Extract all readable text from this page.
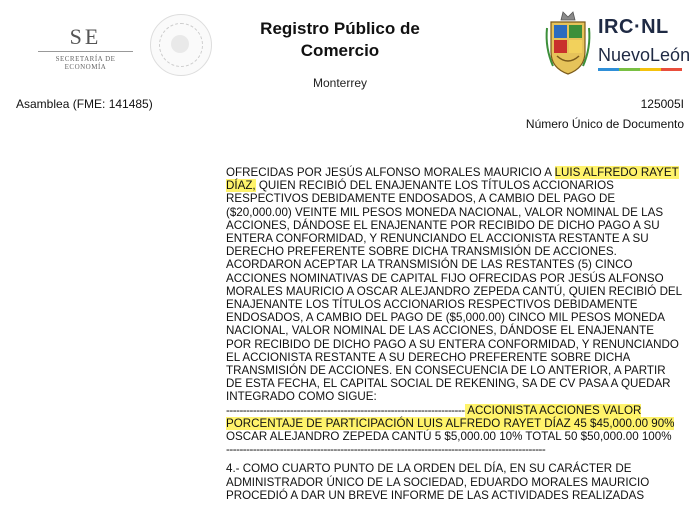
SE
SECRETARÍA DE ECONOMÍA
Registro Público de
Comercio
Monterrey
IRC·NL
NuevoLeón
Asamblea (FME: 141485)	125005I
Número Único de Documento

OFRECIDAS POR JESÚS ALFONSO MORALES MAURICIO A LUIS ALFREDO RAYET DÍAZ, QUIEN RECIBIÓ DEL ENAJENANTE LOS TÍTULOS ACCIONARIOS RESPECTIVOS DEBIDAMENTE ENDOSADOS, A CAMBIO DEL PAGO DE ($20,000.00) VEINTE MIL PESOS MONEDA NACIONAL, VALOR NOMINAL DE LAS ACCIONES, DÁNDOSE EL ENAJENANTE POR RECIBIDO DE DICHO PAGO A SU ENTERA CONFORMIDAD, Y RENUNCIANDO EL ACCIONISTA RESTANTE A SU DERECHO PREFERENTE SOBRE DICHA TRANSMISIÓN DE ACCIONES. ACORDARON ACEPTAR LA TRANSMISIÓN DE LAS RESTANTES (5) CINCO ACCIONES NOMINATIVAS DE CAPITAL FIJO OFRECIDAS POR JESÚS ALFONSO MORALES MAURICIO A OSCAR ALEJANDRO ZEPEDA CANTÚ, QUIEN RECIBIÓ DEL ENAJENANTE LOS TÍTULOS ACCIONARIOS RESPECTIVOS DEBIDAMENTE ENDOSADOS, A CAMBIO DEL PAGO DE ($5,000.00) CINCO MIL PESOS MONEDA NACIONAL, VALOR NOMINAL DE LAS ACCIONES, DÁNDOSE EL ENAJENANTE POR RECIBIDO DE DICHO PAGO A SU ENTERA CONFORMIDAD, Y RENUNCIANDO EL ACCIONISTA RESTANTE A SU DERECHO PREFERENTE SOBRE DICHA TRANSMISIÓN DE ACCIONES. EN CONSECUENCIA DE LO ANTERIOR, A PARTIR DE ESTA FECHA, EL CAPITAL SOCIAL DE REKENING, SA DE CV PASA A QUEDAR INTEGRADO COMO SIGUE:

----------------------------------------------------------------------- ACCIONISTA ACCIONES VALOR PORCENTAJE DE PARTICIPACIÓN LUIS ALFREDO RAYET DÍAZ 45 $45,000.00 90% OSCAR ALEJANDRO ZEPEDA CANTÚ 5 $5,000.00 10% TOTAL 50 $50,000.00 100%

-----------------------------------------------------------------------------------------------

4.- COMO CUARTO PUNTO DE LA ORDEN DEL DÍA, EN SU CARÁCTER DE ADMINISTRADOR ÚNICO DE LA SOCIEDAD, EDUARDO MORALES MAURICIO PROCEDIÓ A DAR UN BREVE INFORME DE LAS ACTIVIDADES REALIZADAS
